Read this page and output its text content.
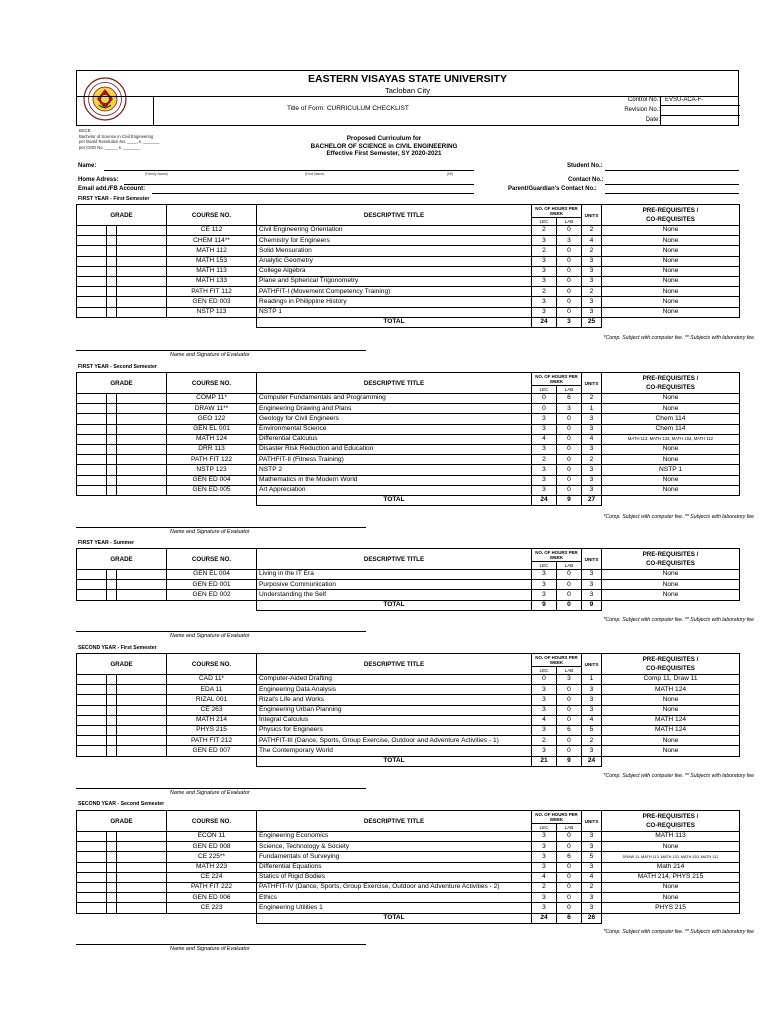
EASTERN VISAYAS STATE UNIVERSITY
Tacloban City
Title of Form: CURRICULUM CHECKLIST
Control No.: EVSU-ACA-F-
Revision No.:
Date:
BSCE
Bachelor of Science in Civil Engineering
per Board Resolution No. ____, s. _______
per CMO No. _____, s. _______
Proposed Curriculum for
BACHELOR OF SCIENCE in CIVIL ENGINEERING
Effective First Semester, SY 2020-2021
Name:
(Family Name)	(First Name)	(MI)
Home Adress:
Email add./FB Account:
Student No.:
Contact No.:
Parent/Guardian's Contact No.:
FIRST YEAR - First Semester
GRADE			COURSE NO.	DESCRIPTIVE TITLE	NO. OF HOURS PER WEEK		UNITS	PRE-REQUISITES /
CO-REQUISITES

					LEC	LAB		
			CE 112	Civil Engineering Orientation	2	0	2	None
			CHEM 114**	Chemistry for Engineers	3	3	4	None
			MATH 112	Solid Mensuration	2	0	2	None
			MATH 153	Analytic Geometry	3	0	3	None
			MATH 113	College Algebra	3	0	3	None
			MATH 133	Plane and Spherical Trigonometry	3	0	3	None
			PATH FIT 112	PATHFIT-I (Movement Competency Training)	2	0	2	None
			GEN ED 003	Readings in Philippine History	3	0	3	None
			NSTP 113	NSTP 1	3	0	3	None
				TOTAL	24	3	25	
*Comp. Subject with computer fee. ** Subjects with laboratory fee
Name and Signature of Evaluator
FIRST YEAR - Second Semester
GRADE			COURSE NO.	DESCRIPTIVE TITLE	NO. OF HOURS PER WEEK		UNITS	PRE-REQUISITES /
CO-REQUISITES

					LEC	LAB		
			COMP 11*	Computer Fundamentals and Programming	0	6	2	None
			DRAW 11**	Engineering Drawing and Plans	0	3	1	None
			GEO 122	Geology for Civil Engineers	3	0	3	Chem 114
			GEN EL 001	Environmental Science	3	0	3	Chem 114
			MATH 124	Differential Calculus	4	0	4	MATH 113, MATH 133, MATH 153, MATH 112
			DRR 113	Disaster Risk Reduction and Education	3	0	3	None
			PATH FIT 122	PATHFIT-II (Fitness Training)	2	0	2	None
			NSTP 123	NSTP 2	3	0	3	NSTP 1
			GEN ED 004	Mathematics in the Modern World	3	0	3	None
			GEN ED 005	Art Appreciation	3	0	3	None
				TOTAL	24	9	27	
*Comp. Subject with computer fee. ** Subjects with laboratory fee
Name and Signature of Evaluator
FIRST YEAR - Summer
GRADE			COURSE NO.	DESCRIPTIVE TITLE	NO. OF HOURS PER WEEK		UNITS	PRE-REQUISITES /
CO-REQUISITES

					LEC	LAB		
			GEN EL 004	Living in the IT Era	3	0	3	None
			GEN ED 001	Purposive Communication	3	0	3	None
			GEN ED 002	Understanding the Self	3	0	3	None
				TOTAL	9	0	9	
*Comp. Subject with computer fee. ** Subjects with laboratory fee
Name and Signature of Evaluator
SECOND YEAR - First Semester
GRADE			COURSE NO.	DESCRIPTIVE TITLE	NO. OF HOURS PER WEEK		UNITS	PRE-REQUISITES /
CO-REQUISITES

					LEC	LAB		
			CAD 11*	Computer-Aided Drafting	0	3	1	Comp 11, Draw 11
			EDA 11	Engineering Data Analysis	3	0	3	MATH 124
			RIZAL 001	Rizal's Life and Works	3	0	3	None
			CE 263	Engineering Urban Planning	3	0	3	None
			MATH 214	Integral Calculus	4	0	4	MATH 124
			PHYS 215	Physics for Engineers	3	6	5	MATH 124
			PATH FIT 212	PATHFIT-III (Dance, Sports, Group Exercise, Outdoor and Adventure Activities - 1)	2	0	2	None
			GEN ED 007	The Contemporary World	3	0	3	None
				TOTAL	21	9	24	
*Comp. Subject with computer fee. ** Subjects with laboratory fee
Name and Signature of Evaluator
SECOND YEAR - Second Semester
GRADE			COURSE NO.	DESCRIPTIVE TITLE	NO. OF HOURS PER WEEK		UNITS	PRE-REQUISITES /
CO-REQUISITES

					LEC	LAB		
			ECON 11	Engineering Economics	3	0	3	MATH 113
			GEN ED 008	Science, Technology & Society	3	0	3	None
			CE 225**	Fundamentals of Surveying	3	6	5	DRAW 11, MATH 113, MATH 133, MATH 153, MATH 112
			MATH 223	Differential Equations	3	0	3	Math 214
			CE 224	Statics of Rigid Bodies	4	0	4	MATH 214, PHYS 215
			PATH FIT 222	PATHFIT-IV (Dance, Sports, Group Exercise, Outdoor and Adventure Activities - 2)	2	0	2	None
			GEN ED 006	Ethics	3	0	3	None
			CE 223	Engineering Utilities 1	3	0	3	PHYS 215
				TOTAL	24	6	26	
*Comp. Subject with computer fee. ** Subjects with laboratory fee
Name and Signature of Evaluator
